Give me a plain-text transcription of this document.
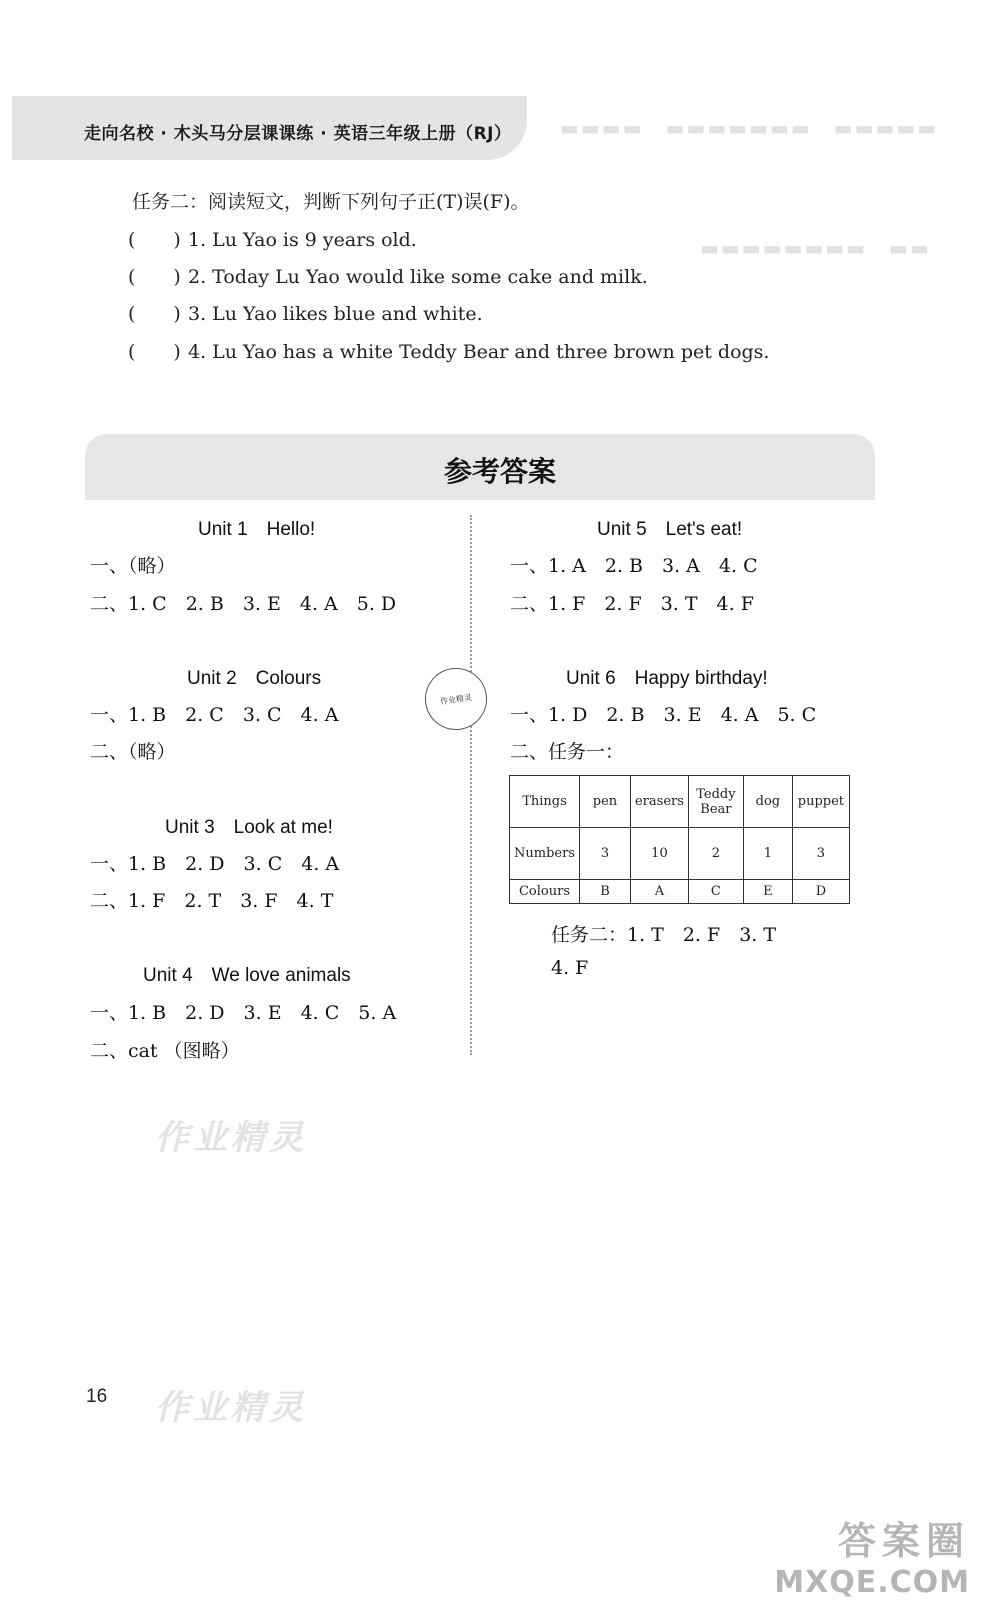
走向名校 · 木头马分层课课练 · 英语三年级上册（RJ） ▬▬▬▬　▬▬▬▬▬▬▬　▬▬▬▬▬
▬▬▬▬▬▬▬▬　▬▬
任务二：阅读短文，判断下列句子正(T)误(F)。
(　　) 1. Lu Yao is 9 years old.
(　　) 2. Today Lu Yao would like some cake and milk.
(　　) 3. Lu Yao likes blue and white.
(　　) 4. Lu Yao has a white Teddy Bear and three brown pet dogs.
参考答案
Unit 1　Hello!
一、（略）
二、1. C　2. B　3. E　4. A　5. D
Unit 2　Colours
一、1. B　2. C　3. C　4. A
二、（略）
Unit 3　Look at me!
一、1. B　2. D　3. C　4. A
二、1. F　2. T　3. F　4. T
Unit 4　We love animals
一、1. B　2. D　3. E　4. C　5. A
二、cat （图略）
Unit 5　Let's eat!
一、1. A　2. B　3. A　4. C
二、1. F　2. F　3. T　4. F
Unit 6　Happy birthday!
一、1. D　2. B　3. E　4. A　5. C
二、任务一：
作业精灵
Things	pen	erasers	Teddy Bear	dog	puppet
Numbers	3	10	2	1	3
Colours	B	A	C	E	D
任务二：1. T　2. F　3. T
4. F
作业精灵
16 作业精灵
答案圈
MXQE.COM
